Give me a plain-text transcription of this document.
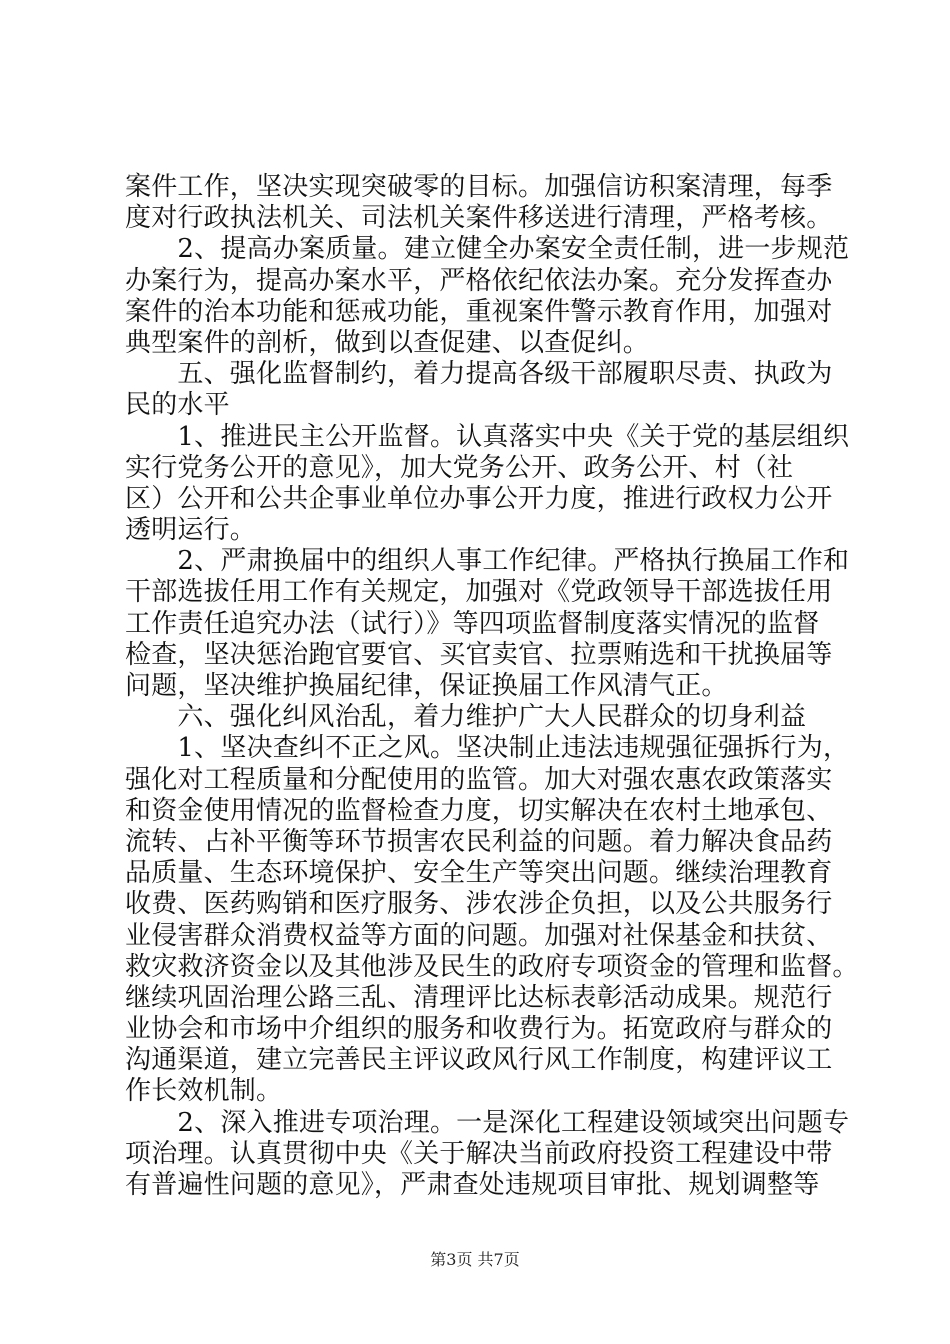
案件工作，坚决实现突破零的目标。加强信访积案清理，每季
度对行政执法机关、司法机关案件移送进行清理，严格考核。
　　2、提高办案质量。建立健全办案安全责任制，进一步规范
办案行为，提高办案水平，严格依纪依法办案。充分发挥查办
案件的治本功能和惩戒功能，重视案件警示教育作用，加强对
典型案件的剖析，做到以查促建、以查促纠。
　　五、强化监督制约，着力提高各级干部履职尽责、执政为
民的水平
　　1、推进民主公开监督。认真落实中央《关于党的基层组织
实行党务公开的意见》，加大党务公开、政务公开、村（社
区）公开和公共企事业单位办事公开力度，推进行政权力公开
透明运行。
　　2、严肃换届中的组织人事工作纪律。严格执行换届工作和
干部选拔任用工作有关规定，加强对《党政领导干部选拔任用
工作责任追究办法（试行）》等四项监督制度落实情况的监督
检查，坚决惩治跑官要官、买官卖官、拉票贿选和干扰换届等
问题，坚决维护换届纪律，保证换届工作风清气正。
　　六、强化纠风治乱，着力维护广大人民群众的切身利益
　　1、坚决查纠不正之风。坚决制止违法违规强征强拆行为，
强化对工程质量和分配使用的监管。加大对强农惠农政策落实
和资金使用情况的监督检查力度，切实解决在农村土地承包、
流转、占补平衡等环节损害农民利益的问题。着力解决食品药
品质量、生态环境保护、安全生产等突出问题。继续治理教育
收费、医药购销和医疗服务、涉农涉企负担，以及公共服务行
业侵害群众消费权益等方面的问题。加强对社保基金和扶贫、
救灾救济资金以及其他涉及民生的政府专项资金的管理和监督。
继续巩固治理公路三乱、清理评比达标表彰活动成果。规范行
业协会和市场中介组织的服务和收费行为。拓宽政府与群众的
沟通渠道，建立完善民主评议政风行风工作制度，构建评议工
作长效机制。
　　2、深入推进专项治理。一是深化工程建设领域突出问题专
项治理。认真贯彻中央《关于解决当前政府投资工程建设中带
有普遍性问题的意见》，严肃查处违规项目审批、规划调整等
第3页 共7页
